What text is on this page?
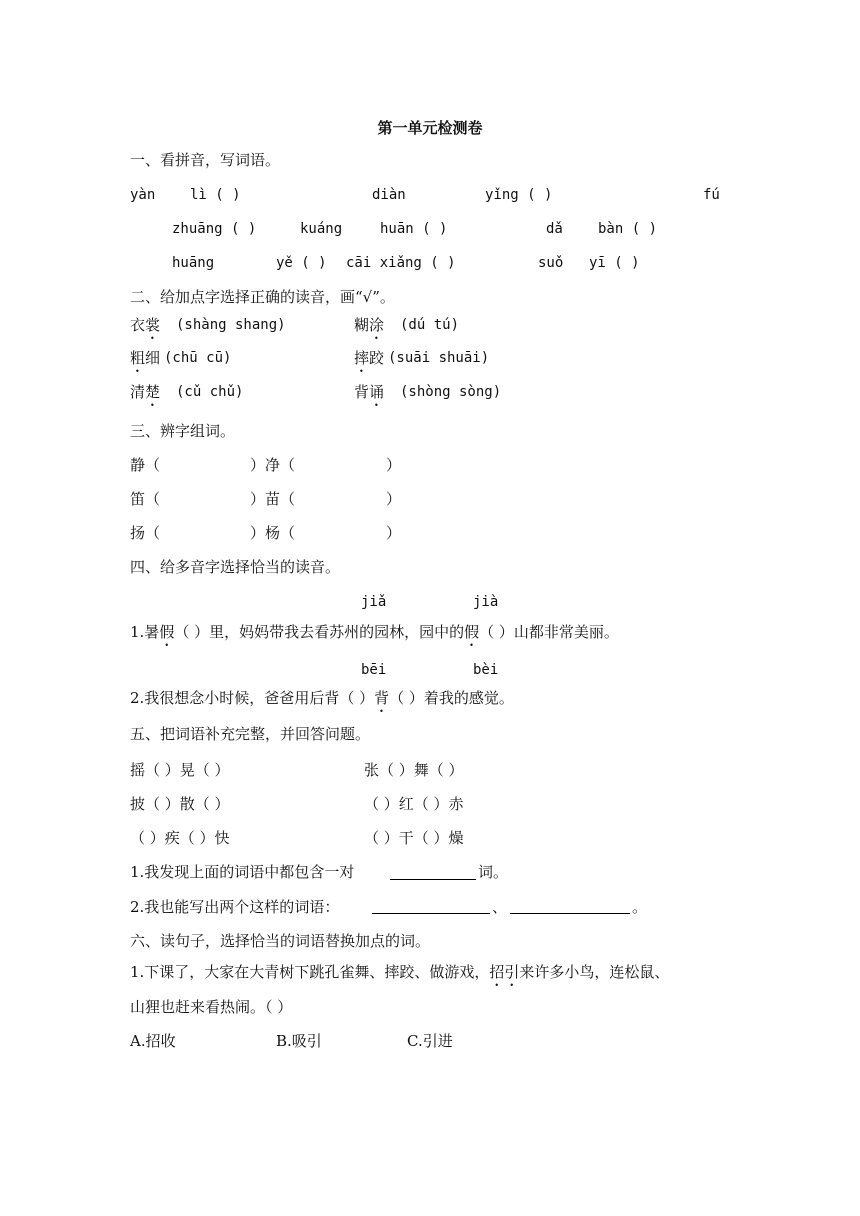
第一单元检测卷
一、看拼音，写词语。
yàn lì ( )	diàn	yǐng ( )	fú
zhuāng ( )	kuáng	huān ( )	dǎ	bàn ( )
huāng	yě ( ) cāi xiǎng ( )	suǒ yī ( )
二、给加点字选择正确的读音，画“√”。
衣裳 (shàng shang)	糊涂 (dú tú)
粗细 (chū cū)	摔跤 (suāi shuāi)
清楚 (cǔ chǔ)	背诵 (shòng sòng)
三、辨字组词。
静（	）净（	）
笛（	）苗（	）
扬（	）杨（	）
四、给多音字选择恰当的读音。
jiǎ	jià
1.暑假（ ）里，妈妈带我去看苏州的园林，园中的假（ ）山都非常美丽。
bēi	bèi
2.我很想念小时候，爸爸用后背（ ）背（ ）着我的感觉。
五、把词语补充完整，并回答问题。
摇（ ）晃（ ）	张（ ）舞（ ）
披（ ）散（ ）	（ ）红（ ）赤
（ ）疾（ ）快	（ ）干（ ）燥
1.我发现上面的词语中都包含一对	词。
2.我也能写出两个这样的词语：	、	。
六、读句子，选择恰当的词语替换加点的词。
1.下课了，大家在大青树下跳孔雀舞、摔跤、做游戏，招引来许多小鸟，连松鼠、
山狸也赶来看热闹。（ ）
A.招收	B.吸引	C.引进
